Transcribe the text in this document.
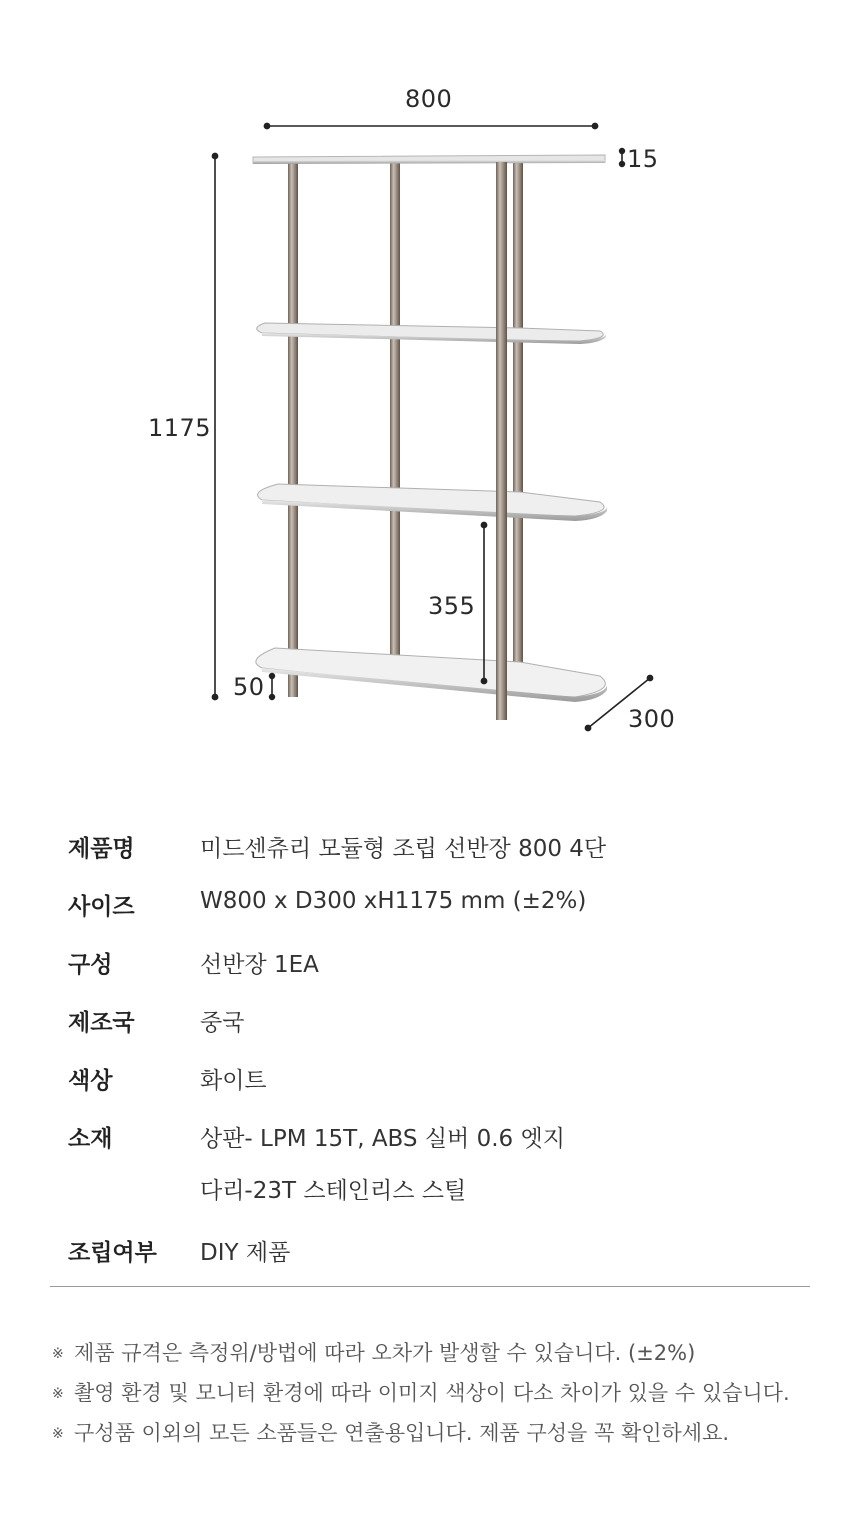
800
15
1175
355
50
300
제품명	미드센츄리 모듈형 조립 선반장 800 4단
사이즈	W800 x D300 xH1175 mm (±2%)
구성	선반장 1EA
제조국	중국
색상	화이트
소재	상판- LPM 15T, ABS 실버 0.6 엣지
다리-23T 스테인리스 스틸
조립여부 DIY 제품
※ 제품 규격은 측정위/방법에 따라 오차가 발생할 수 있습니다. (±2%)
※ 촬영 환경 및 모니터 환경에 따라 이미지 색상이 다소 차이가 있을 수 있습니다.
※ 구성품 이외의 모든 소품들은 연출용입니다. 제품 구성을 꼭 확인하세요.
